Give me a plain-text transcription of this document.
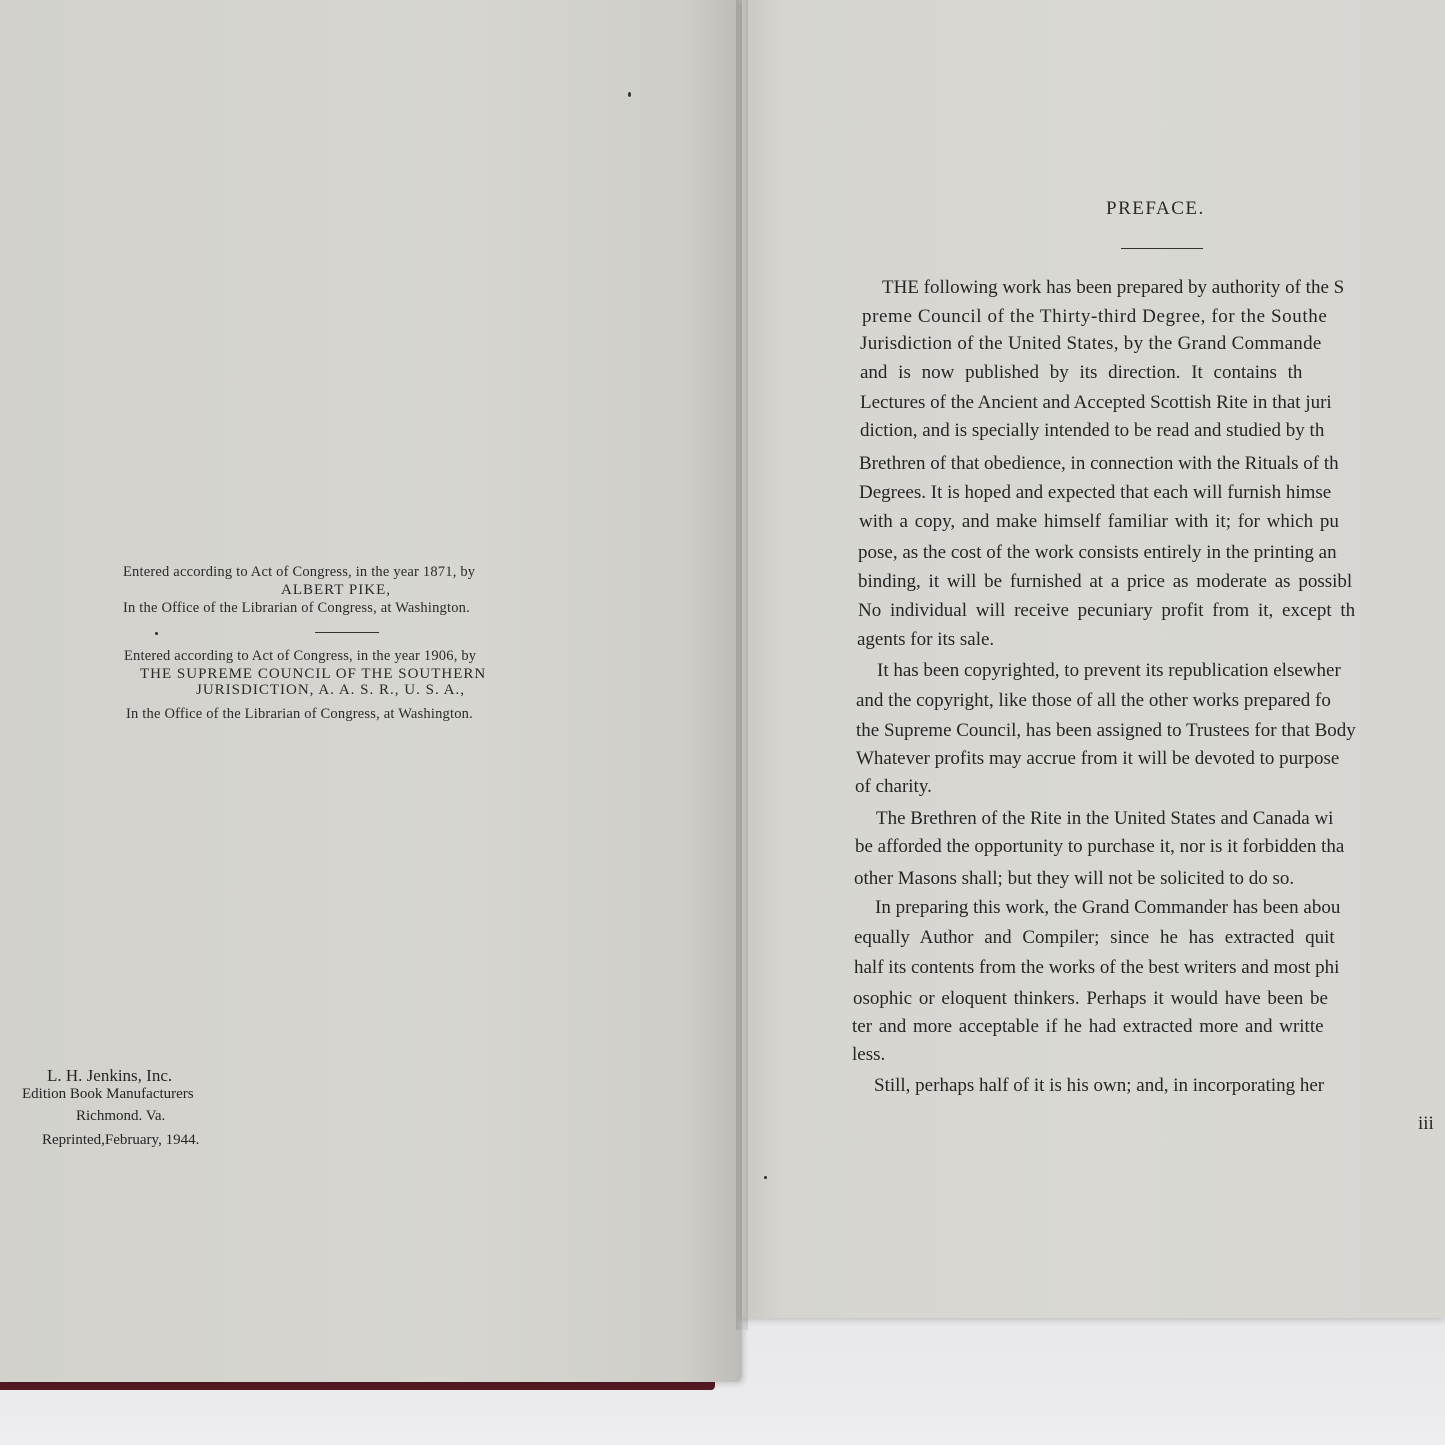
Entered according to Act of Congress, in the year 1871, by
ALBERT PIKE,
In the Office of the Librarian of Congress, at Washington.
Entered according to Act of Congress, in the year 1906, by
THE SUPREME COUNCIL OF THE SOUTHERN
JURISDICTION, A. A. S. R., U. S. A.,
In the Office of the Librarian of Congress, at Washington.
L. H. Jenkins, Inc.
Edition Book Manufacturers
Richmond. Va.
Reprinted,February, 1944.
PREFACE.
THE following work has been prepared by authority of the S
preme Council of the Thirty-third Degree, for the Southe
Jurisdiction of the United States, by the Grand Commande
and is now published by its direction. It contains th
Lectures of the Ancient and Accepted Scottish Rite in that juri
diction, and is specially intended to be read and studied by th
Brethren of that obedience, in connection with the Rituals of th
Degrees. It is hoped and expected that each will furnish himse
with a copy, and make himself familiar with it; for which pu
pose, as the cost of the work consists entirely in the printing an
binding, it will be furnished at a price as moderate as possibl
No individual will receive pecuniary profit from it, except th
agents for its sale.
It has been copyrighted, to prevent its republication elsewher
and the copyright, like those of all the other works prepared fo
the Supreme Council, has been assigned to Trustees for that Body
Whatever profits may accrue from it will be devoted to purpose
of charity.
The Brethren of the Rite in the United States and Canada wi
be afforded the opportunity to purchase it, nor is it forbidden tha
other Masons shall; but they will not be solicited to do so.
In preparing this work, the Grand Commander has been abou
equally Author and Compiler; since he has extracted quit
half its contents from the works of the best writers and most phi
osophic or eloquent thinkers. Perhaps it would have been be
ter and more acceptable if he had extracted more and writte
less.
Still, perhaps half of it is his own; and, in incorporating her
iii
